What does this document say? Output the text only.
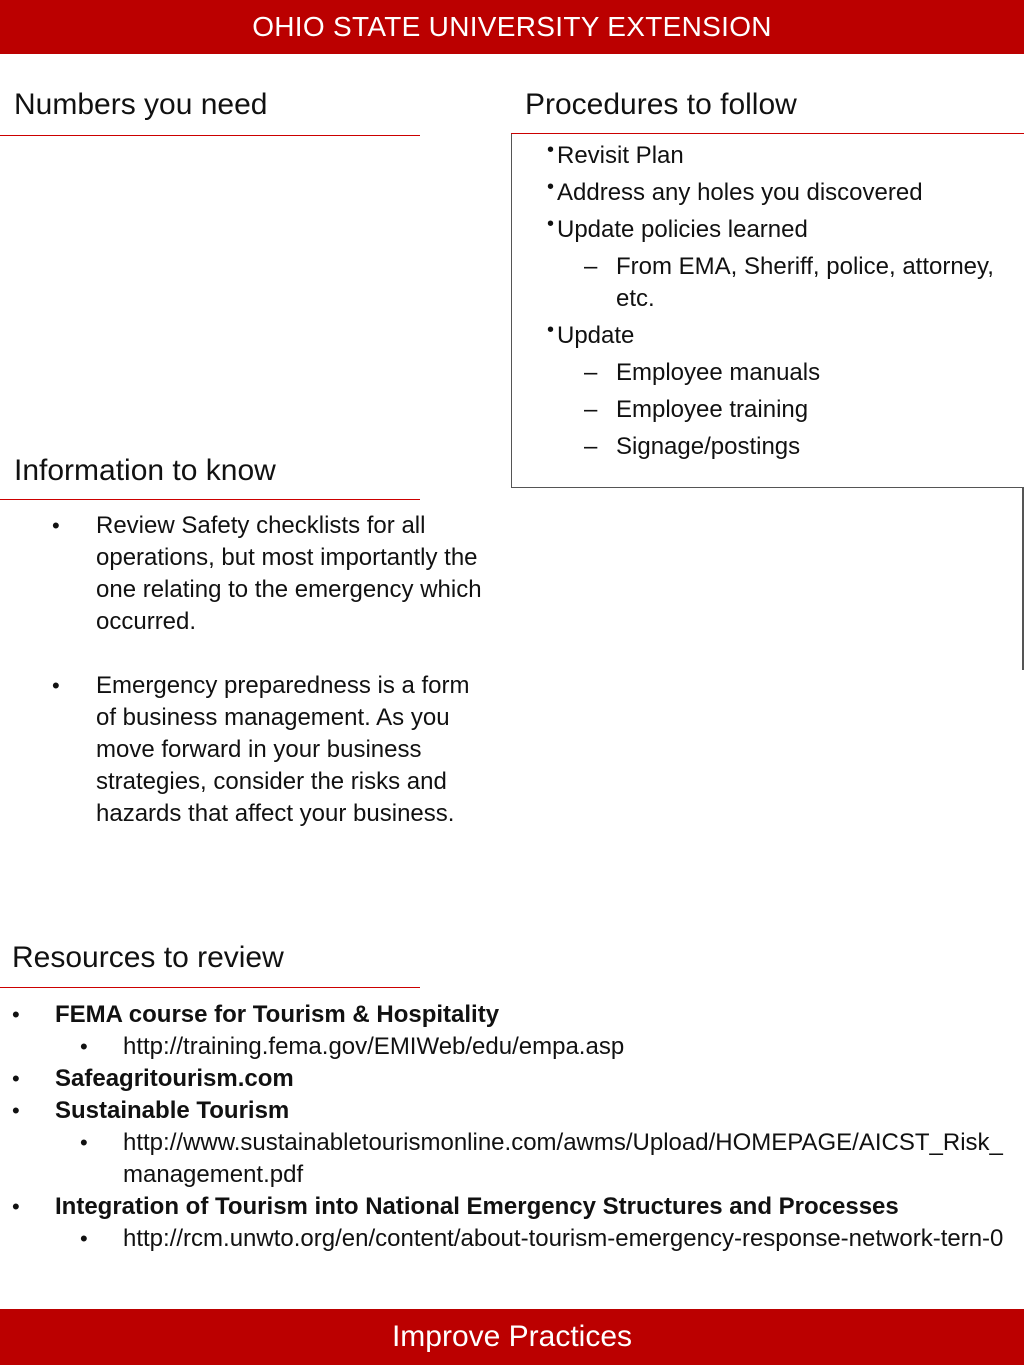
OHIO STATE UNIVERSITY EXTENSION
Numbers you need	Procedures to follow
• Revisit Plan
• Address any holes you discovered
• Update policies learned
– From EMA, Sheriff, police, attorney, etc.
• Update
– Employee manuals
– Employee training
– Signage/postings
Information to know
• Review Safety checklists for all operations, but most importantly the one relating to the emergency which occurred.
• Emergency preparedness is a form of business management. As you move forward in your business strategies, consider the risks and hazards that affect your business.
Resources to review
• FEMA course for Tourism & Hospitality
• http://training.fema.gov/EMIWeb/edu/empa.asp
• Safeagritourism.com
• Sustainable Tourism
• http://www.sustainabletourismonline.com/awms/Upload/HOMEPAGE/AICST_Risk_management.pdf
• Integration of Tourism into National Emergency Structures and Processes
• http://rcm.unwto.org/en/content/about-tourism-emergency-response-network-tern-0
Improve Practices
